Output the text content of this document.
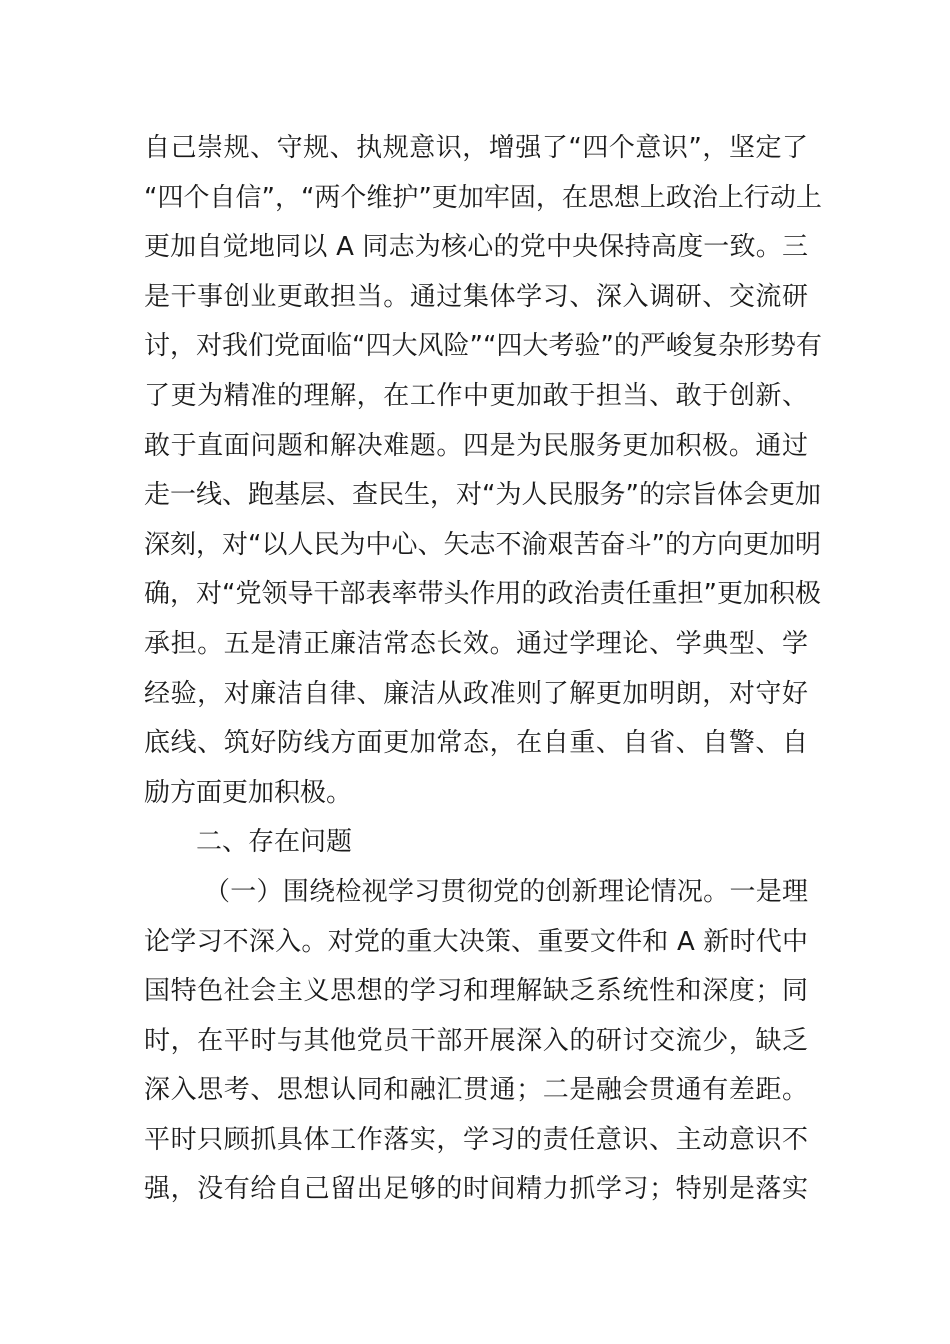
自己崇规、守规、执规意识，增强了“四个意识”，坚定了
“四个自信”，“两个维护”更加牢固，在思想上政治上行动上
更加自觉地同以 A 同志为核心的党中央保持高度一致。三
是干事创业更敢担当。通过集体学习、深入调研、交流研
讨，对我们党面临“四大风险”“四大考验”的严峻复杂形势有
了更为精准的理解，在工作中更加敢于担当、敢于创新、
敢于直面问题和解决难题。四是为民服务更加积极。通过
走一线、跑基层、查民生，对“为人民服务”的宗旨体会更加
深刻，对“以人民为中心、矢志不渝艰苦奋斗”的方向更加明
确，对“党领导干部表率带头作用的政治责任重担”更加积极
承担。五是清正廉洁常态长效。通过学理论、学典型、学
经验，对廉洁自律、廉洁从政准则了解更加明朗，对守好
底线、筑好防线方面更加常态，在自重、自省、自警、自
励方面更加积极。
二、存在问题
（一）围绕检视学习贯彻党的创新理论情况。一是理
论学习不深入。对党的重大决策、重要文件和 A 新时代中
国特色社会主义思想的学习和理解缺乏系统性和深度；同
时，在平时与其他党员干部开展深入的研讨交流少，缺乏
深入思考、思想认同和融汇贯通；二是融会贯通有差距。
平时只顾抓具体工作落实，学习的责任意识、主动意识不
强，没有给自己留出足够的时间精力抓学习；特别是落实
